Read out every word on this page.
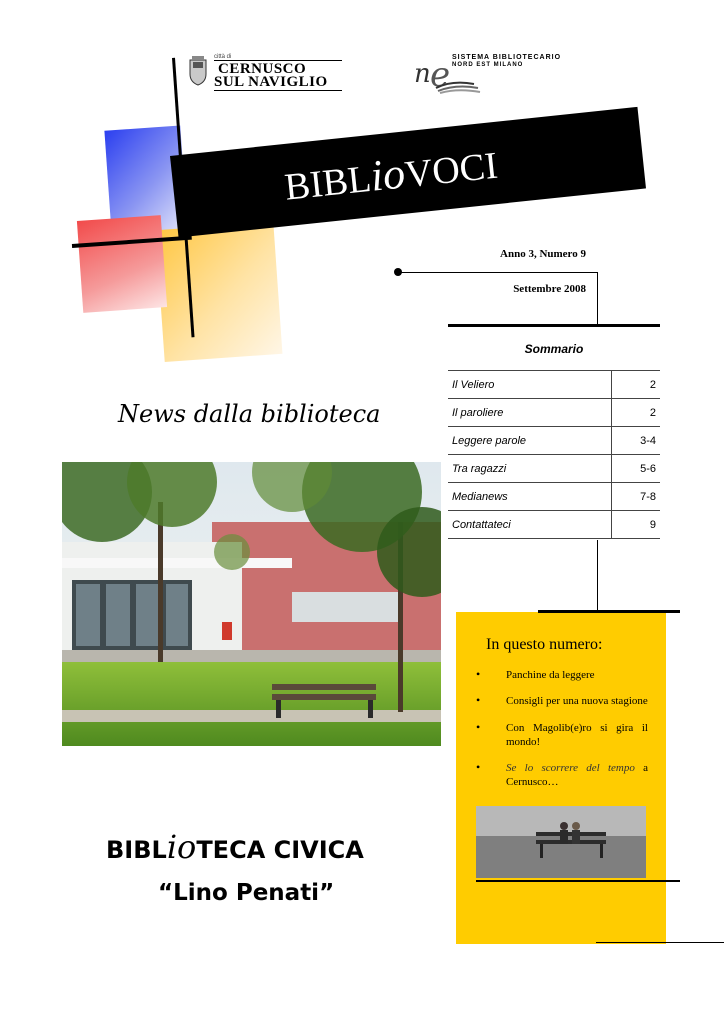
città di
CERNUSCO
SUL NAVIGLIO	n e SISTEMA BIBLIOTECARIO
NORD EST MILANO
BIBLioVOCI
Anno 3, Numero 9
Settembre 2008
Sommario
Il Veliero	2
Il paroliere	2
Leggere parole	3-4
Tra ragazzi	5-6
Medianews	7-8
Contattateci	9
News dalla biblioteca
In questo numero:
• Panchine da leggere
• Consigli per una nuova stagione
• Con Magolib(e)ro si gira il mondo!
• Se lo scorrere del tempo a Cernusco…
BIBLioTECA CIVICA
“Lino Penati”
